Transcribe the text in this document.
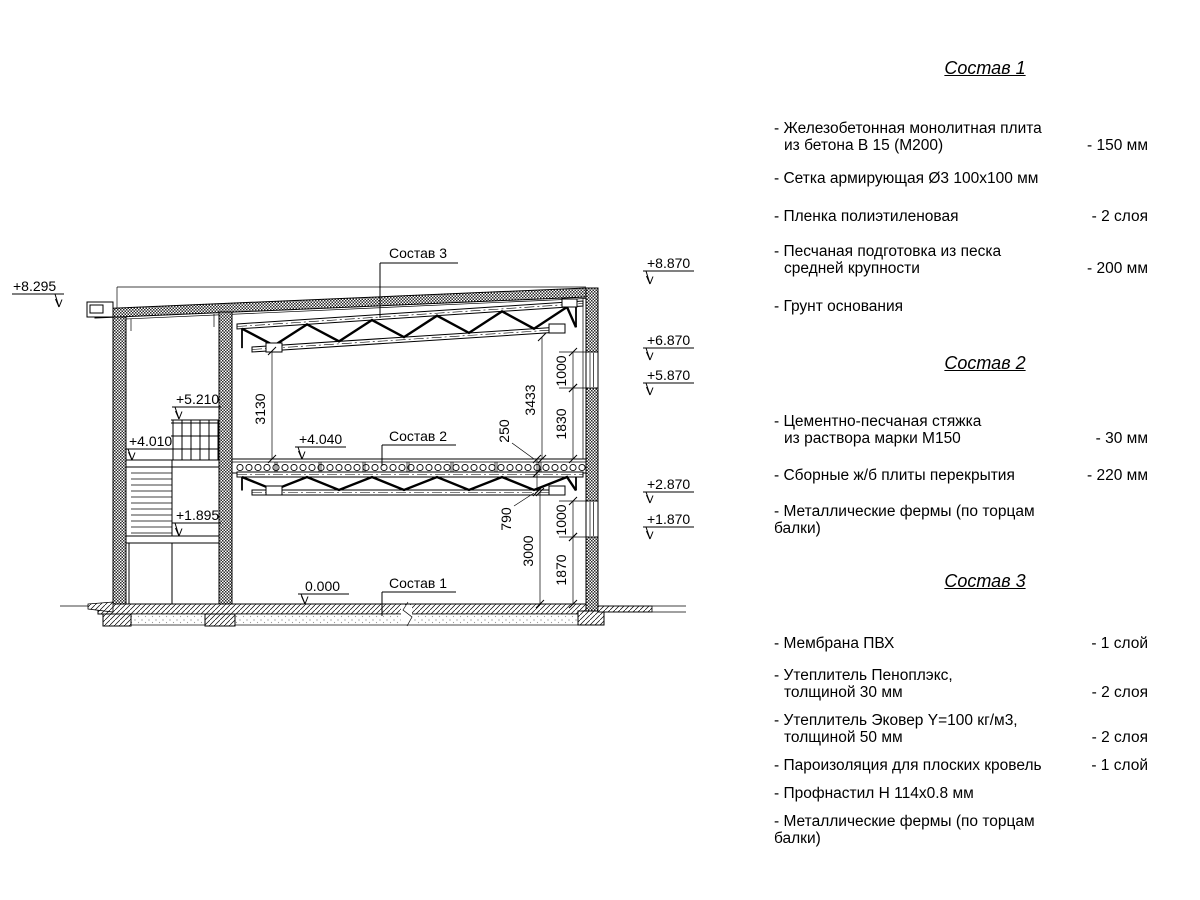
+8.295
+8.870
+6.870
+5.870
+2.870
+1.870
+5.210
+4.010
+1.895
+4.040
0.000
3130	3433
250
1000
1830
790
3000
1000
1870
Состав 3
Состав 2
Состав 1
Состав 1
- Железобетонная монолитная плита
из бетона В 15 (М200)	- 150 мм
- Сетка армирующая Ø3 100х100 мм
- Пленка полиэтиленовая	- 2 слоя
- Песчаная подготовка из песка
средней крупности	- 200 мм
- Грунт основания
Состав 2
- Цементно-песчаная стяжка
из раствора марки М150	- 30 мм
- Сборные ж/б плиты перекрытия	- 220 мм
- Металлические фермы (по торцам балки)
Состав 3
- Мембрана ПВХ	- 1 слой
- Утеплитель Пеноплэкс,
толщиной 30 мм	- 2 слоя
- Утеплитель Эковер Y=100 кг/м3,
толщиной 50 мм	- 2 слоя
- Пароизоляция для плоских кровель	- 1 слой
- Профнастил Н 114х0.8 мм
- Металлические фермы (по торцам балки)
